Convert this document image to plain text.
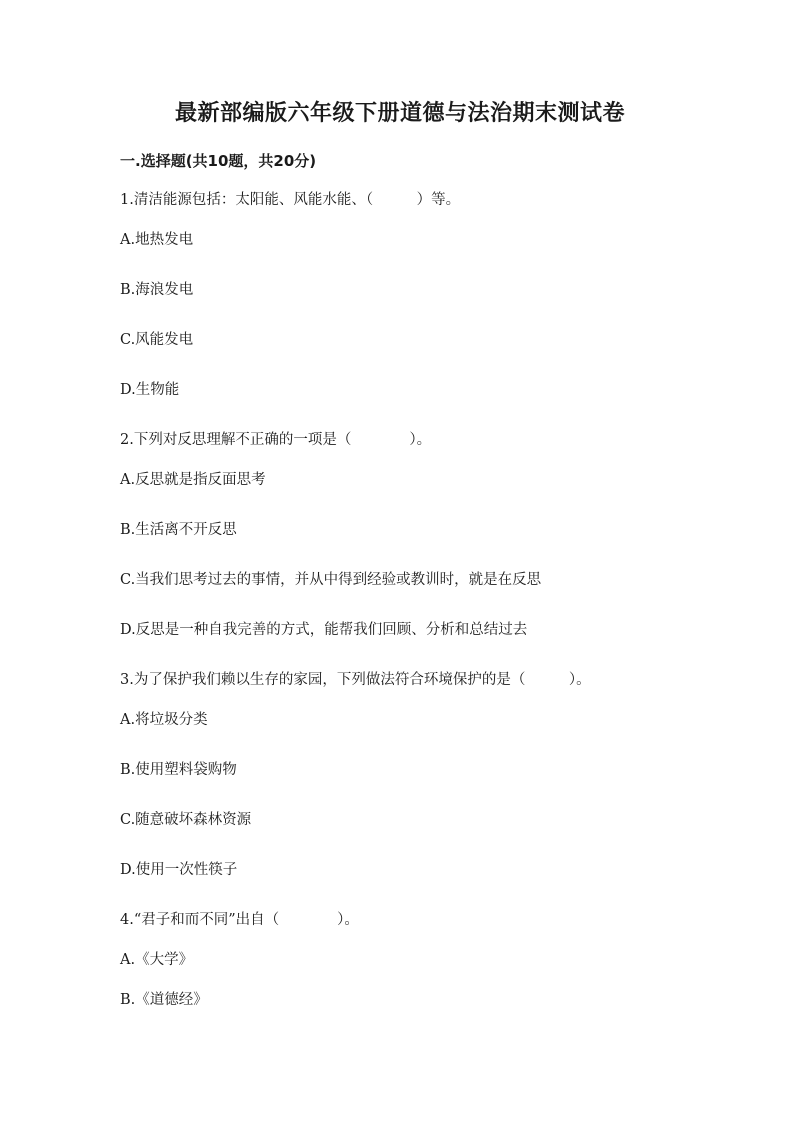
最新部编版六年级下册道德与法治期末测试卷
一.选择题(共10题，共20分)
1.清洁能源包括：太阳能、风能水能、（　　　）等。
A.地热发电
B.海浪发电
C.风能发电
D.生物能
2.下列对反思理解不正确的一项是（　　　　）。
A.反思就是指反面思考
B.生活离不开反思
C.当我们思考过去的事情，并从中得到经验或教训时，就是在反思
D.反思是一种自我完善的方式，能帮我们回顾、分析和总结过去
3.为了保护我们赖以生存的家园，下列做法符合环境保护的是（　　　）。
A.将垃圾分类
B.使用塑料袋购物
C.随意破坏森林资源
D.使用一次性筷子
4.“君子和而不同”出自（　　　　）。
A.《大学》
B.《道德经》
